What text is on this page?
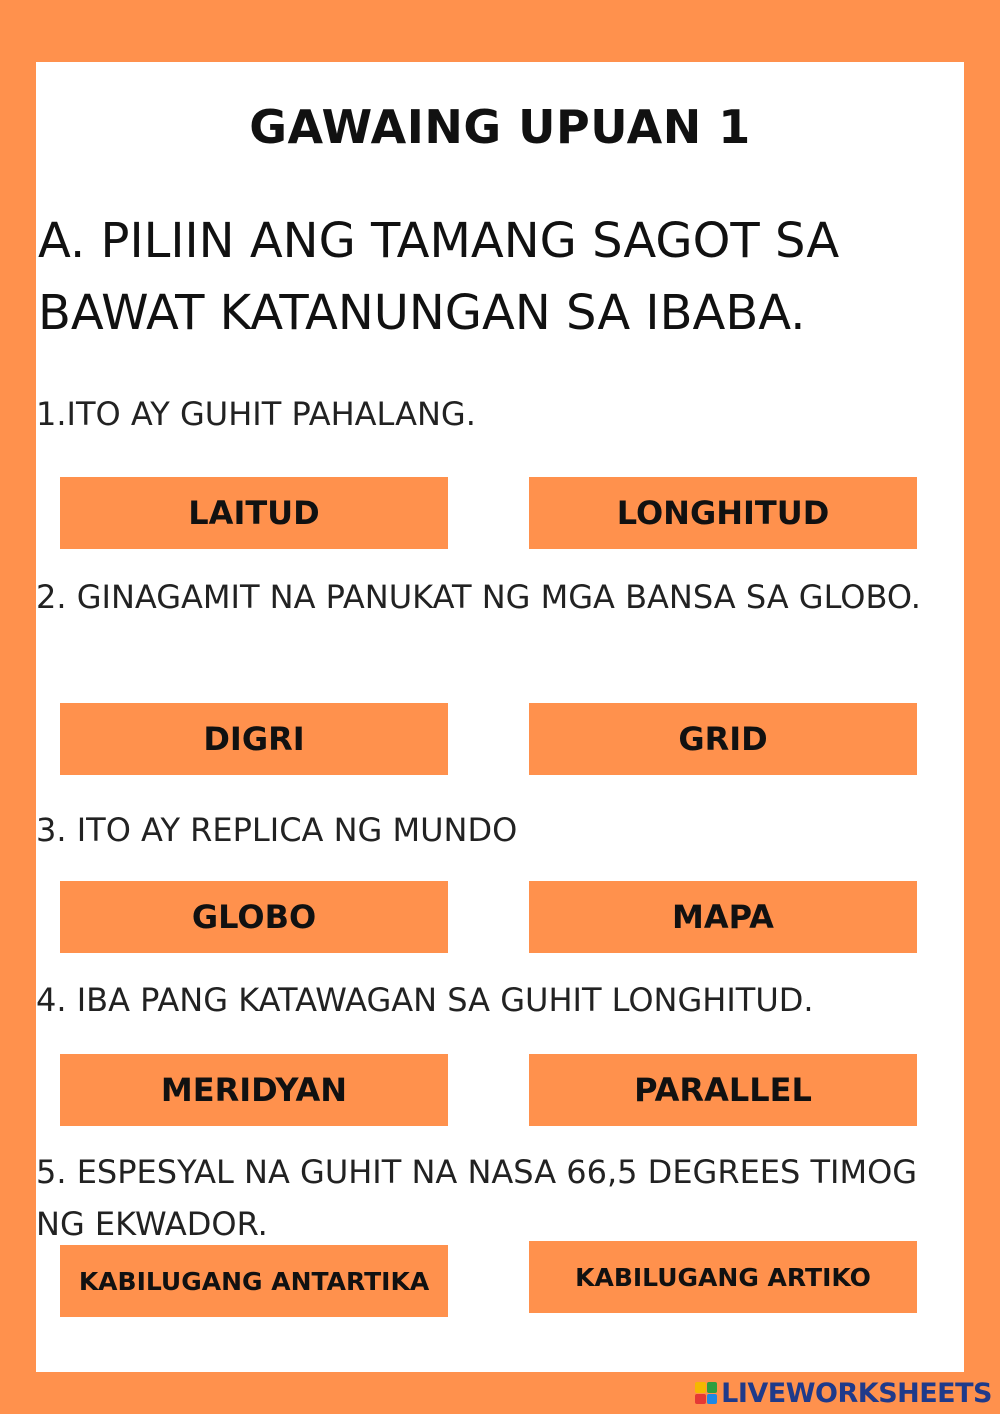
GAWAING UPUAN 1

A. PILIIN ANG TAMANG SAGOT SA BAWAT KATANUNGAN SA IBABA.

1.ITO AY GUHIT PAHALANG.

LAITUD	LONGHITUD

2. GINAGAMIT NA PANUKAT NG MGA BANSA SA GLOBO.

DIGRI	GRID

3. ITO AY REPLICA NG MUNDO

GLOBO	MAPA

4. IBA PANG KATAWAGAN SA GUHIT LONGHITUD.

MERIDYAN	PARALLEL

5. ESPESYAL NA GUHIT NA NASA 66,5 DEGREES TIMOG NG EKWADOR.

KABILUGANG ANTARTIKA	KABILUGANG ARTIKO
LIVEWORKSHEETS
